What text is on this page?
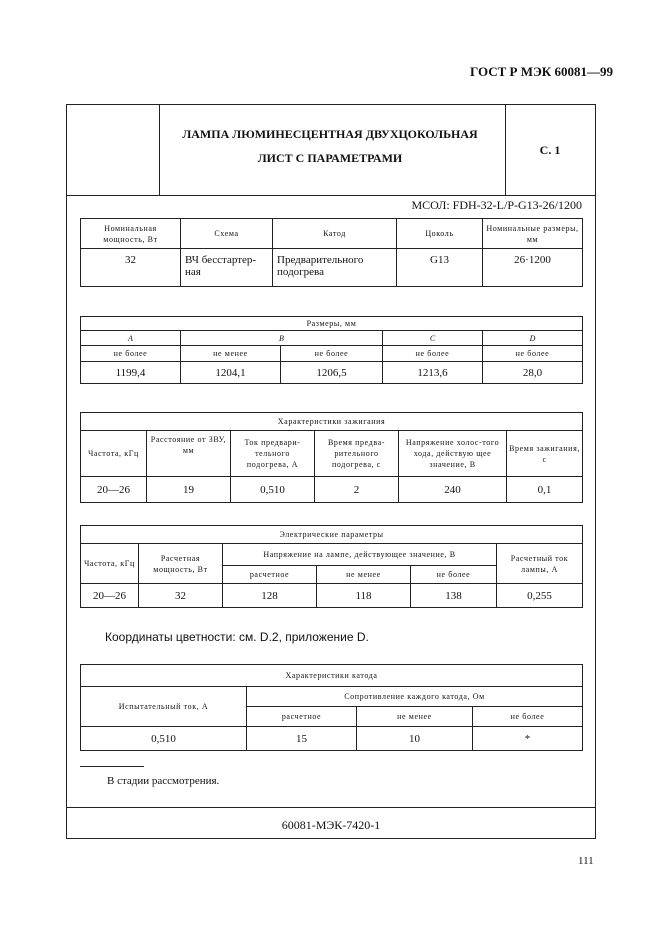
ГОСТ Р МЭК 60081—99
ЛАМПА ЛЮМИНЕСЦЕНТНАЯ ДВУХЦОКОЛЬНАЯ
ЛИСТ С ПАРАМЕТРАМИ
С. 1
МСОЛ: FDH-32-L/P-G13-26/1200
Номинальная мощность, Вт	Схема	Катод	Цоколь	Номинальные размеры, мм
32	ВЧ бесстартер-ная	Предварительного подогрева	G13	26·1200
Размеры, мм				
A	B		C	D
не более	не менее	не более	не более	не более
1199,4	1204,1	1206,5	1213,6	28,0
Характеристики зажигания					
Частота, кГц	Расстояние от ЗВУ, мм	Ток предвари-тельного подогрева, А	Время предва-рительного подогрева, с	Напряжение холос-того хода, действую щее значение, В	Время зажигания, с
20—26	19	0,510	2	240	0,1
Электрические параметры					
Частота, кГц	Расчетная мощность, Вт	Напряжение на лампе, действующее значение, В			Расчетный ток лампы, А
		расчетное	не менее	не более	
20—26	32	128	118	138	0,255
Координаты цветности: см. D.2, приложение D.
Характеристики катода			
Испытательный ток, А	Сопротивление каждого катода, Ом		
	расчетное	не менее	не более
0,510	15	10	*
В стадии рассмотрения.
60081-МЭК-7420-1
111
